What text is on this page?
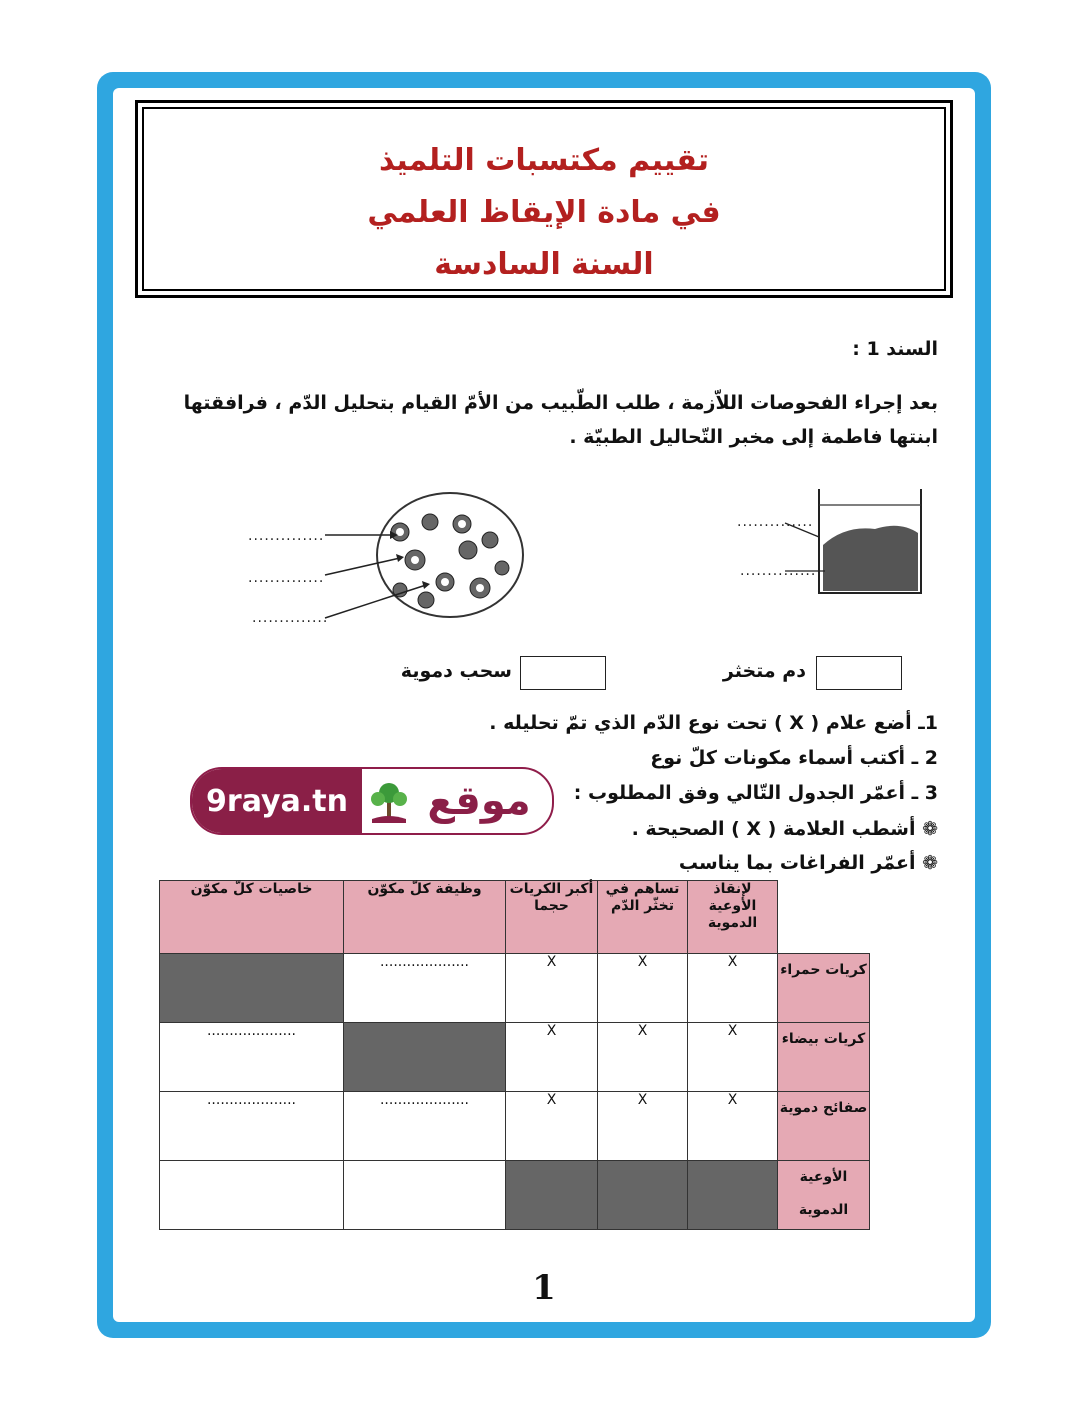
تقييم مكتسبات التلميذ
في مادة الإيقاظ العلمي
السنة السادسة
السند 1 :
بعد إجراء الفحوصات اللاّزمة ، طلب الطّبيب من الأمّ القيام بتحليل الدّم ، فرافقتها
ابنتها فاطمة إلى مخبر التّحاليل الطبيّة .
..............
..............
..............
..............
..............
دم متخثر
سحب دموية
1ـ أضع علام ( X ) تحت نوع الدّم الذي تمّ تحليله .
2 ـ أكتب أسماء مكونات كلّ نوع
3 ـ أعمّر الجدول التّالي وفق المطلوب :
❁ أشطب العلامة ( X ) الصحيحة .
❁ أعمّر الفراغات بما يناسب
9raya.tn	موقع
	لإنقاذ الأوعية الدموية	تساهم في تخثّر الدّم	أكبر الكريات حجما	وظيفة كلّ مكوّن	خاصيات كلّ مكوّن
كريات حمراء	X	X	X	....................	
كريات بيضاء	X	X	X		....................
صفائح دموية	X	X	X	....................	....................
الأوعية الدموية					
1
